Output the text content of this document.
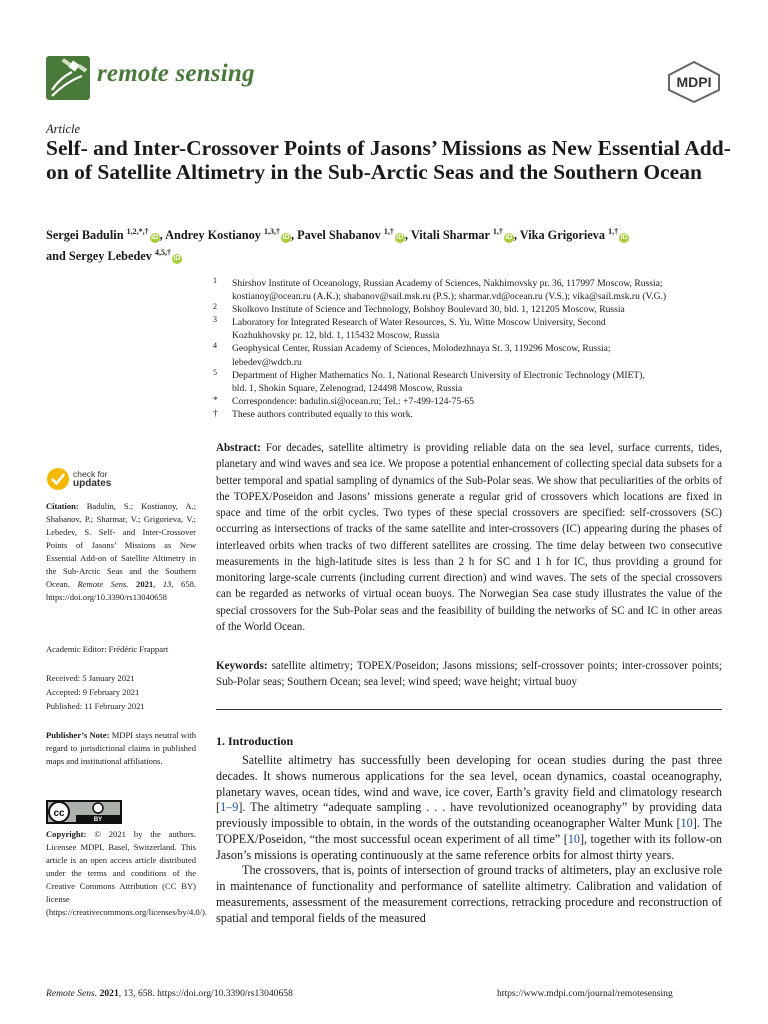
remote sensing	MDPI
Article
Self- and Inter-Crossover Points of Jasons’ Missions as New Essential Add-on of Satellite Altimetry in the Sub-Arctic Seas and the Southern Ocean
Sergei Badulin $^{1,2,*,\dagger}$iD , Andrey Kostianoy $^{1,3,\dagger}$iD , Pavel Shabanov $^{1,\dagger}$iD , Vitali Sharmar $^{1,\dagger}$iD , Vika Grigorieva $^{1,\dagger}$iD
and Sergey Lebedev $^{4,5,\dagger}$iD
1 Shirshov Institute of Oceanology, Russian Academy of Sciences, Nakhimovsky pr. 36, 117997 Moscow, Russia;
kostianoy@ocean.ru (A.K.); shabanov@sail.msk.ru (P.S.); sharmar.vd@ocean.ru (V.S.); vika@sail.msk.ru (V.G.)
2 Skolkovo Institute of Science and Technology, Bolshoy Boulevard 30, bld. 1, 121205 Moscow, Russia
3 Laboratory for Integrated Research of Water Resources, S. Yu. Witte Moscow University, Second
Kozhukhovsky pr. 12, bld. 1, 115432 Moscow, Russia
4 Geophysical Center, Russian Academy of Sciences, Molodezhnaya St. 3, 119296 Moscow, Russia;
lebedev@wdcb.ru
5 Department of Higher Mathematics No. 1, National Research University of Electronic Technology (MIET),
bld. 1, Shokin Square, Zelenograd, 124498 Moscow, Russia
* Correspondence: badulin.si@ocean.ru; Tel.: +7-499-124-75-65
† These authors contributed equally to this work.
check for
updates

Citation: Badulin, S.; Kostianoy, A.; Shabanov, P.; Sharmar, V.; Grigorieva, V.; Lebedev, S. Self- and Inter-Crossover Points of Jasons’ Missions as New Essential Add-on of Satellite Altimetry in the Sub-Arctic Seas and the Southern Ocean. Remote Sens. 2021, 13, 658. https://doi.org/10.3390/rs13040658

Academic Editor: Frédéric Frappart

Received: 5 January 2021

Accepted: 9 February 2021

Published: 11 February 2021

Publisher’s Note: MDPI stays neutral with regard to jurisdictional claims in published maps and institutional affiliations.

cc
BY

Copyright: © 2021 by the authors. Licensee MDPI, Basel, Switzerland. This article is an open access article distributed under the terms and conditions of the Creative Commons Attribution (CC BY) license (https://creativecommons.org/licenses/by/4.0/).

Abstract: For decades, satellite altimetry is providing reliable data on the sea level, surface currents, tides, planetary and wind waves and sea ice. We propose a potential enhancement of collecting special data subsets for a better temporal and spatial sampling of dynamics of the Sub-Polar seas. We show that peculiarities of the orbits of the TOPEX/Poseidon and Jasons’ missions generate a regular grid of crossovers which locations are fixed in space and time of the orbit cycles. Two types of these special crossovers are specified: self-crossovers (SC) occurring as intersections of tracks of the same satellite and inter-crossovers (IC) appearing during the phases of interleaved orbits when tracks of two different satellites are crossing. The time delay between two consecutive measurements in the high-latitude sites is less than 2 h for SC and 1 h for IC, thus providing a ground for monitoring large-scale currents (including current direction) and wind waves. The sets of the special crossovers can be regarded as networks of virtual ocean buoys. The Norwegian Sea case study illustrates the value of the special crossovers for the Sub-Polar seas and the feasibility of building the networks of SC and IC in other areas of the World Ocean.

Keywords: satellite altimetry; TOPEX/Poseidon; Jasons missions; self-crossover points; inter-crossover points; Sub-Polar seas; Southern Ocean; sea level; wind speed; wave height; virtual buoy

1. Introduction

Satellite altimetry has successfully been developing for ocean studies during the past three decades. It shows numerous applications for the sea level, ocean dynamics, coastal oceanography, planetary waves, ocean tides, wind and wave, ice cover, Earth’s gravity field and climatology research [1–9]. The altimetry “adequate sampling . . . have revolutionized oceanography” by providing data previously impossible to obtain, in the words of the outstanding oceanographer Walter Munk [10]. The TOPEX/Poseidon, “the most successful ocean experiment of all time” [10], together with its follow-on Jason’s missions is operating continuously at the same reference orbits for almost thirty years.

The crossovers, that is, points of intersection of ground tracks of altimeters, play an exclusive role in maintenance of functionality and performance of satellite altimetry. Calibration and validation of measurements, assessment of the measurement corrections, retracking procedure and reconstruction of spatial and temporal fields of the measured

Remote Sens. 2021, 13, 658. https://doi.org/10.3390/rs13040658	https://www.mdpi.com/journal/remotesensing
